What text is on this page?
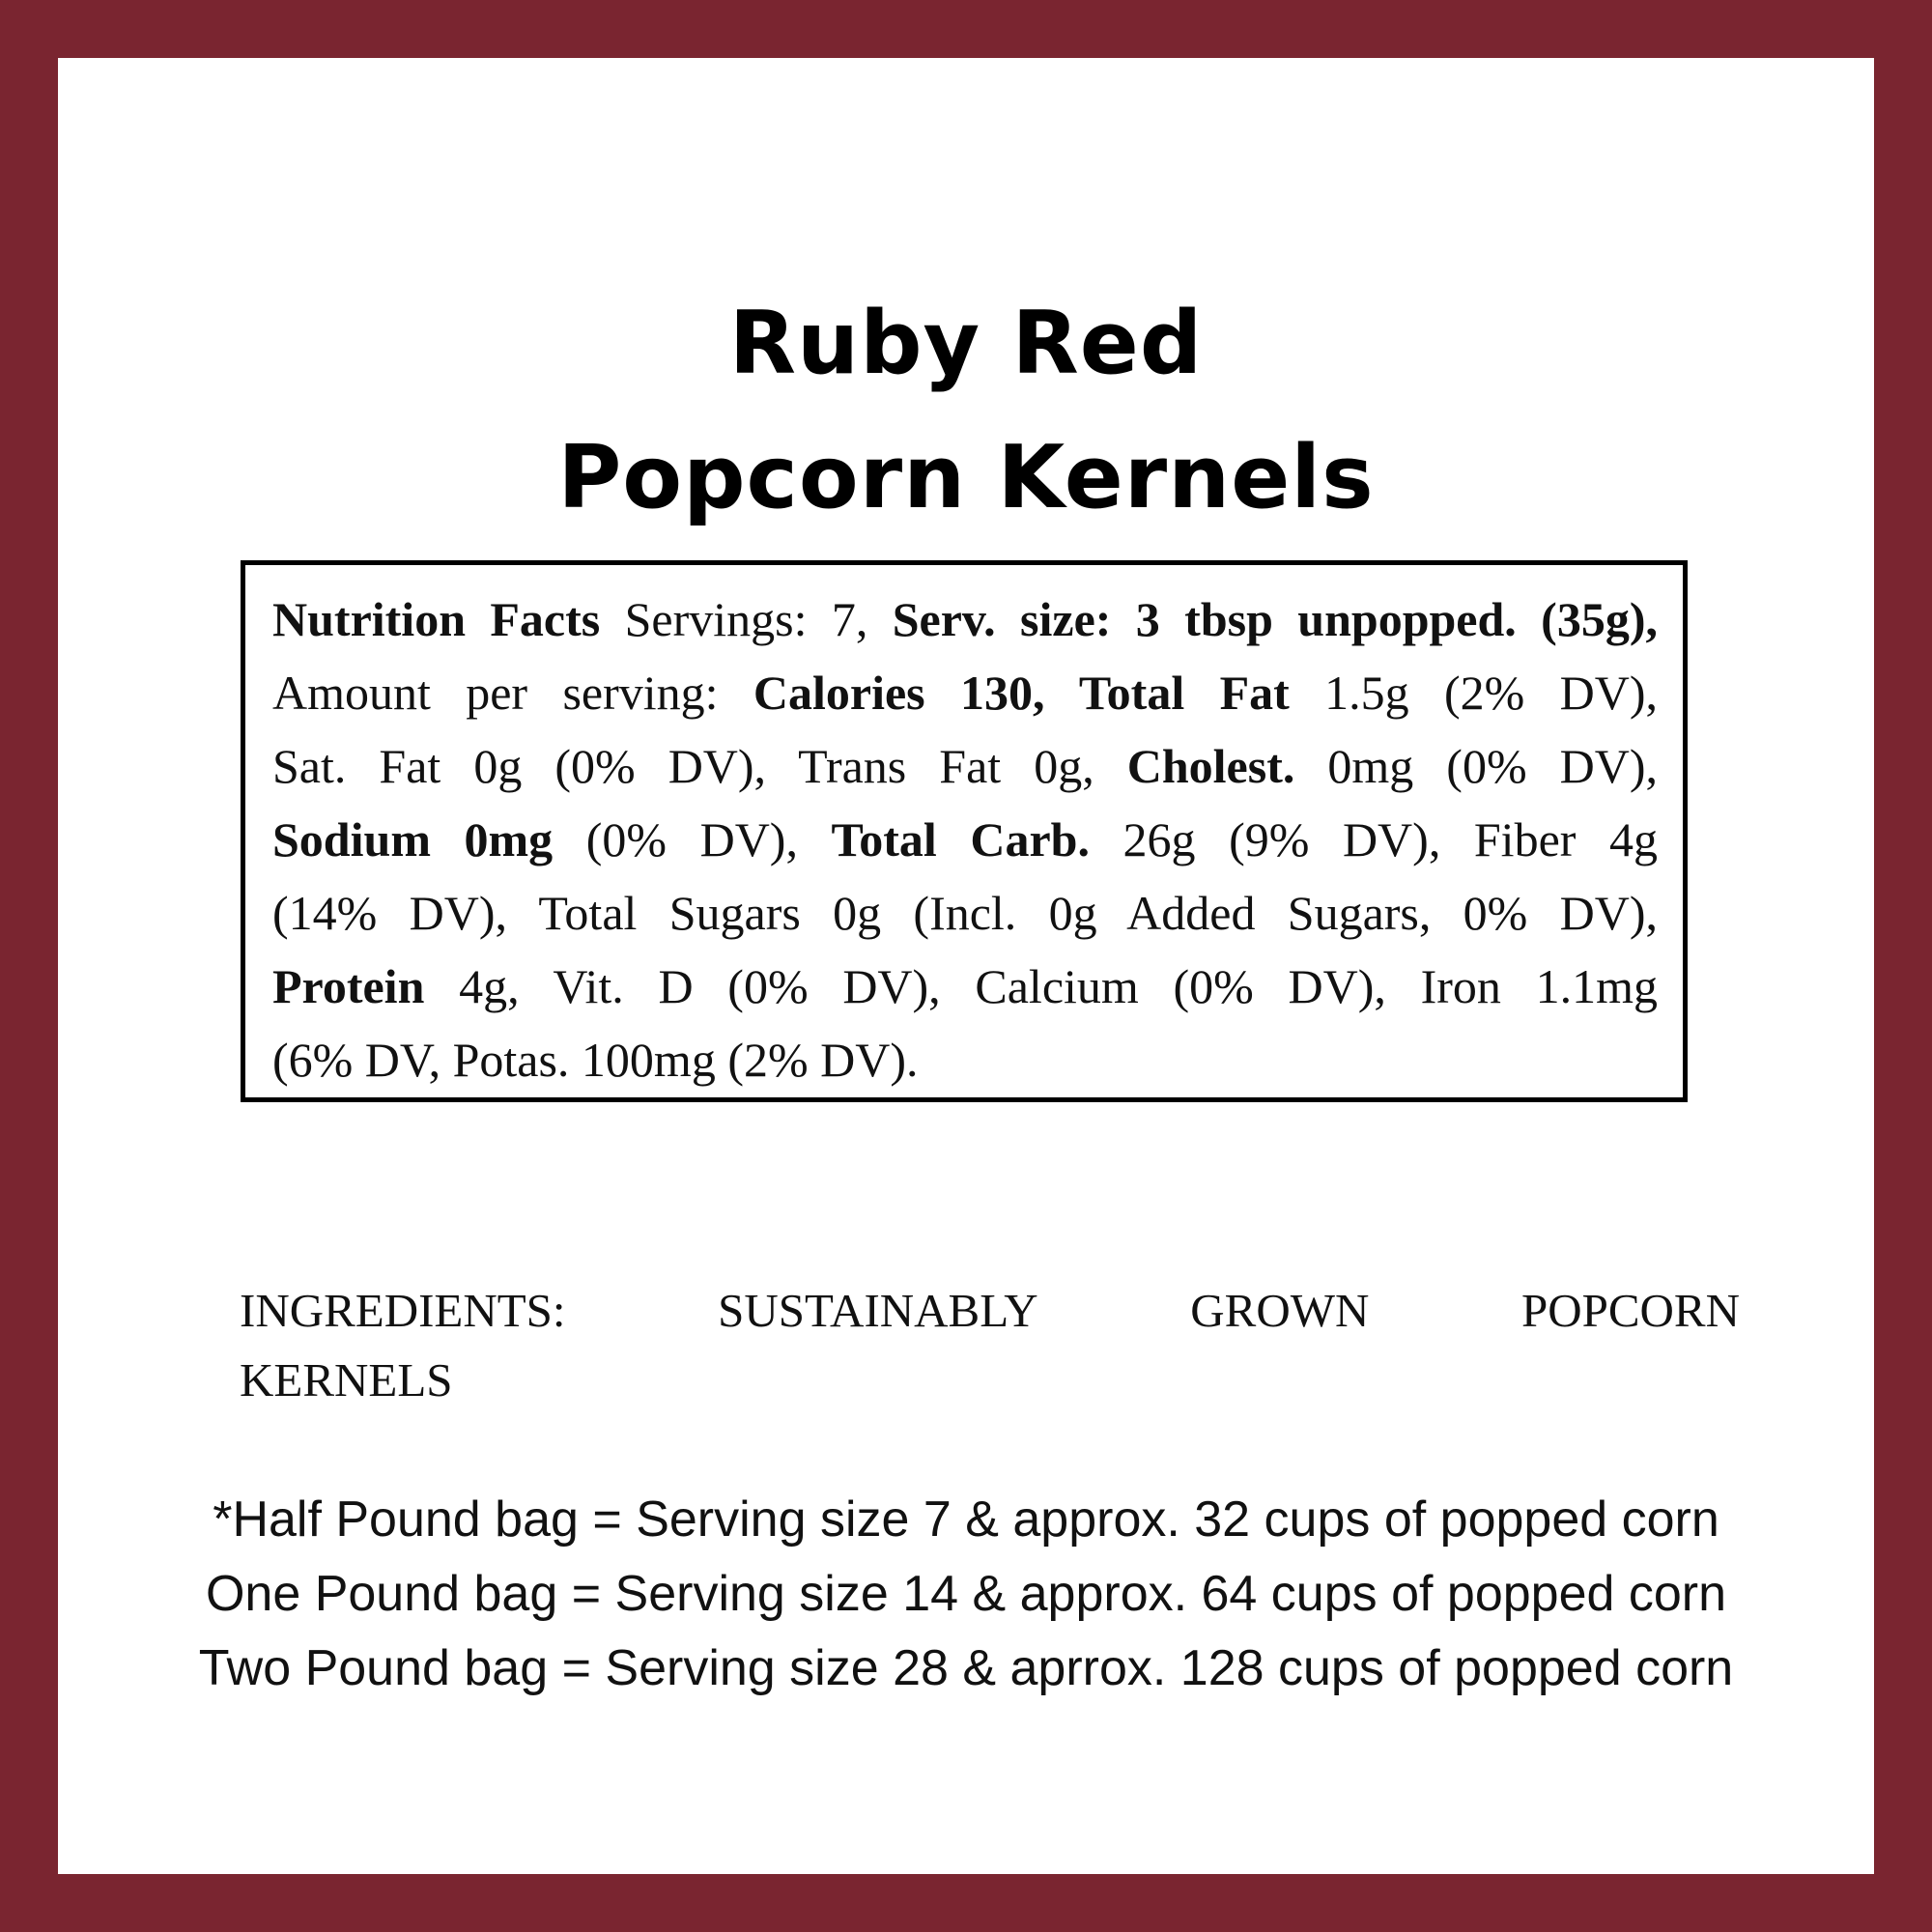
Ruby Red
Popcorn Kernels
Nutrition Facts Servings: 7, Serv. size: 3 tbsp unpopped. (35g),
Amount per serving: Calories 130, Total Fat 1.5g (2% DV),
Sat. Fat 0g (0% DV), Trans Fat 0g, Cholest. 0mg (0% DV),
Sodium 0mg (0% DV), Total Carb. 26g (9% DV), Fiber 4g
(14% DV), Total Sugars 0g (Incl. 0g Added Sugars, 0% DV),
Protein 4g, Vit. D (0% DV), Calcium (0% DV), Iron 1.1mg
(6% DV, Potas. 100mg (2% DV).
INGREDIENTS:	SUSTAINABLY	GROWN	POPCORN
KERNELS
*Half Pound bag = Serving size 7 & approx. 32 cups of popped corn
One Pound bag = Serving size 14 & approx. 64 cups of popped corn
Two Pound bag = Serving size 28 & aprrox. 128 cups of popped corn
